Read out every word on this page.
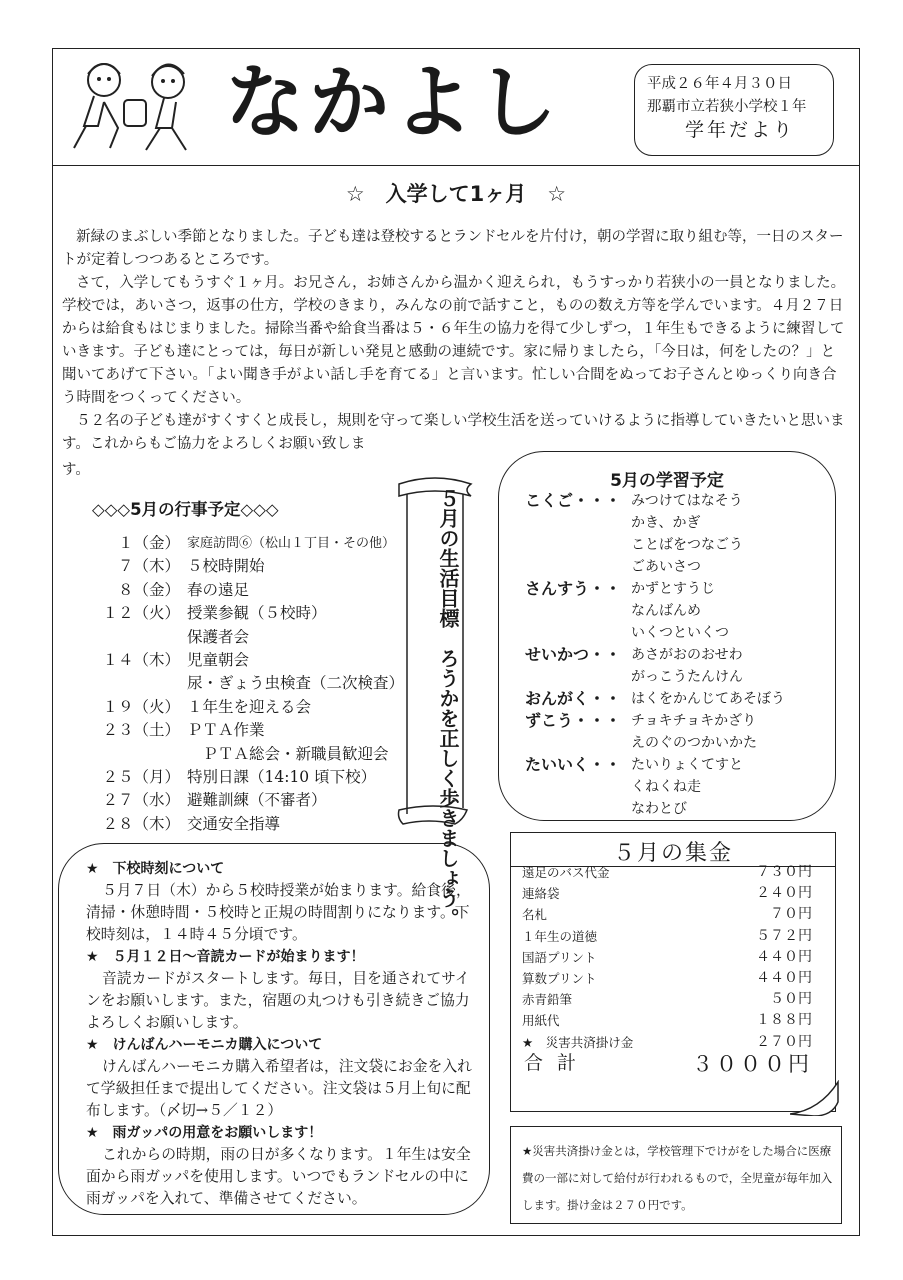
なかよし	平成２６年４月３０日
那覇市立若狭小学校１年
学年だより
☆　入学して1ヶ月　☆
新緑のまぶしい季節となりました。子ども達は登校するとランドセルを片付け，朝の学習に取り組む等，一日のスタートが定着しつつあるところです。
さて，入学してもうすぐ１ヶ月。お兄さん，お姉さんから温かく迎えられ，もうすっかり若狭小の一員となりました。学校では，あいさつ，返事の仕方，学校のきまり，みんなの前で話すこと，ものの数え方等を学んでいます。４月２７日からは給食もはじまりました。掃除当番や給食当番は５・６年生の協力を得て少しずつ，１年生もできるように練習していきます。子ども達にとっては，毎日が新しい発見と感動の連続です。家に帰りましたら，「今日は，何をしたの？」と聞いてあげて下さい。「よい聞き手がよい話し手を育てる」と言います。忙しい合間をぬってお子さんとゆっくり向き合う時間をつくってください。
５２名の子ども達がすくすくと成長し，規則を守って楽しい学校生活を送っていけるように指導していきたいと思います。これからもご協力をよろしくお願い致しま
す。
◇◇◇5月の行事予定◇◇◇
１（金） 家庭訪問⑥（松山１丁目・その他）
７（木） ５校時開始
８（金） 春の遠足
１２（火） 授業参観（５校時）
保護者会
１４（木） 児童朝会
尿・ぎょう虫検査（二次検査）
１９（火） １年生を迎える会
２３（土） ＰＴＡ作業
　ＰＴＡ総会・新職員歓迎会
２５（月） 特別日課（14:10 頃下校）
２７（水） 避難訓練（不審者）
２８（木） 交通安全指導	５月の生活目標　ろうかを正しく歩きましょう。
5月の学習予定
こくご・・・ みつけてはなそう
かき、かぎ
ことばをつなごう
ごあいさつ
さんすう・・ かずとすうじ
なんばんめ
いくつといくつ
せいかつ・・ あさがおのおせわ
がっこうたんけん
おんがく・・ はくをかんじてあそぼう
ずこう・・・ チョキチョキかざり
えのぐのつかいかた
たいいく・・ たいりょくてすと
くねくね走
なわとび
５月の集金
遠足のバス代金	７３０円
連絡袋	２４０円
名札	７０円
１年生の道徳	５７２円
国語プリント	４４０円
算数プリント	４４０円
赤青鉛筆	５０円
用紙代	１８８円
★　災害共済掛け金	２７０円
合計	３０００円
★　下校時刻について
５月７日（木）から５校時授業が始まります。給食後，清掃・休憩時間・５校時と正規の時間割りになります。下校時刻は，１４時４５分頃です。
★　５月１２日～音読カードが始まります！
音読カードがスタートします。毎日，目を通されてサインをお願いします。また，宿題の丸つけも引き続きご協力よろしくお願いします。
★　けんばんハーモニカ購入について
けんばんハーモニカ購入希望者は，注文袋にお金を入れて学級担任まで提出してください。注文袋は５月上旬に配布します。（〆切→５／１２）
★　雨ガッパの用意をお願いします！
これからの時期，雨の日が多くなります。１年生は安全面から雨ガッパを使用します。いつでもランドセルの中に雨ガッパを入れて、準備させてください。
★災害共済掛け金とは，学校管理下でけがをした場合に医療費の一部に対して給付が行われるもので，全児童が毎年加入します。掛け金は２７０円です。
